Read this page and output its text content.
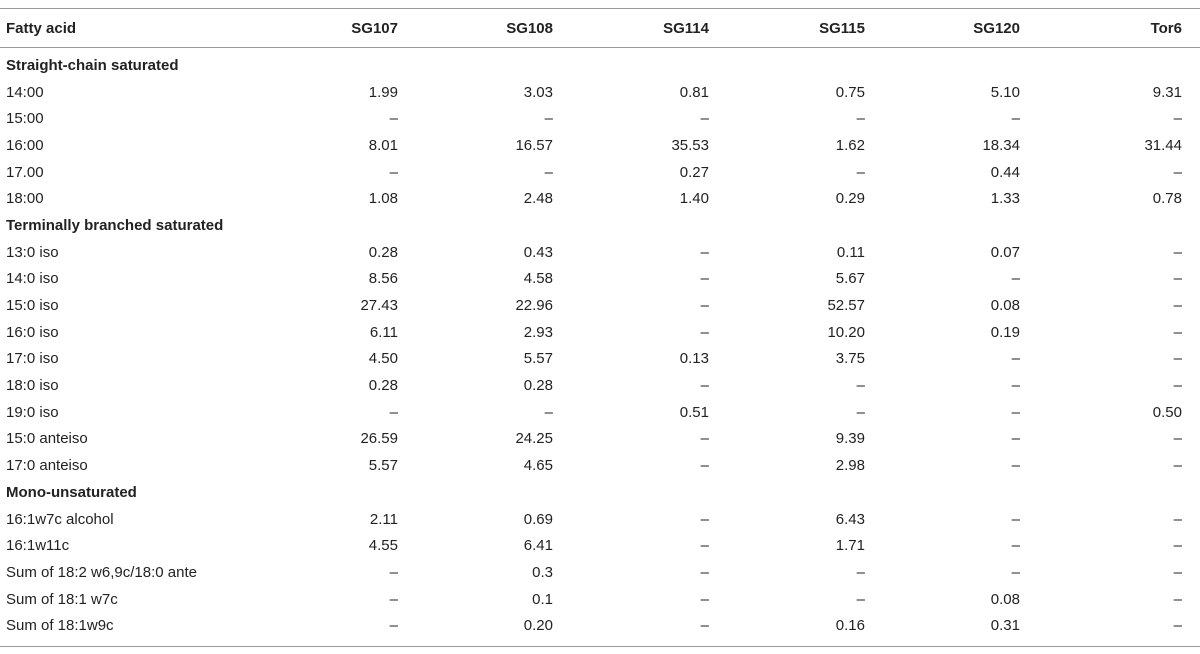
Fatty acid	SG107	SG108	SG114	SG115	SG120	Tor6
Straight-chain saturated
14:00	1.99	3.03	0.81	0.75	5.10	9.31
15:00	–	–	–	–	–	–
16:00	8.01	16.57	35.53	1.62	18.34	31.44
17.00	–	–	0.27	–	0.44	–
18:00	1.08	2.48	1.40	0.29	1.33	0.78
Terminally branched saturated
13:0 iso	0.28	0.43	–	0.11	0.07	–
14:0 iso	8.56	4.58	–	5.67	–	–
15:0 iso	27.43	22.96	–	52.57	0.08	–
16:0 iso	6.11	2.93	–	10.20	0.19	–
17:0 iso	4.50	5.57	0.13	3.75	–	–
18:0 iso	0.28	0.28	–	–	–	–
19:0 iso	–	–	0.51	–	–	0.50
15:0 anteiso	26.59	24.25	–	9.39	–	–
17:0 anteiso	5.57	4.65	–	2.98	–	–
Mono-unsaturated
16:1w7c alcohol	2.11	0.69	–	6.43	–	–
16:1w11c	4.55	6.41	–	1.71	–	–
Sum of 18:2 w6,9c/18:0 ante	–	0.3	–	–	–	–
Sum of 18:1 w7c	–	0.1	–	–	0.08	–
Sum of 18:1w9c	–	0.20	–	0.16	0.31	–
